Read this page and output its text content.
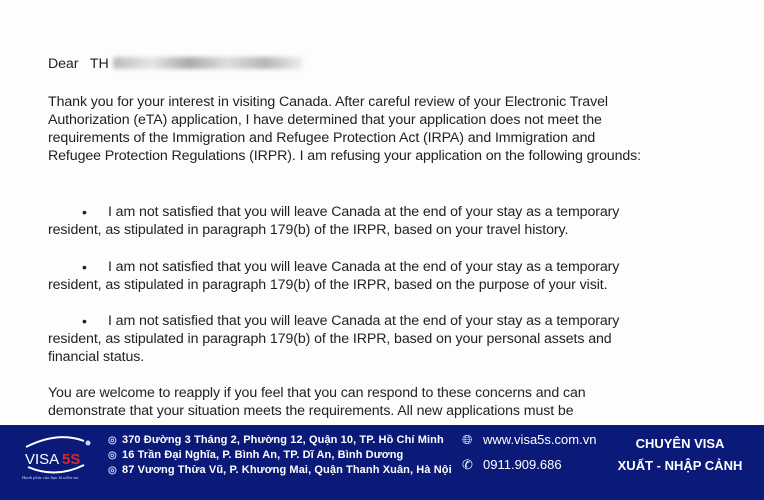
Dear TH
Thank you for your interest in visiting Canada. After careful review of your Electronic Travel
Authorization (eTA) application, I have determined that your application does not meet the
requirements of the Immigration and Refugee Protection Act (IRPA) and Immigration and
Refugee Protection Regulations (IRPR). I am refusing your application on the following grounds:
• I am not satisfied that you will leave Canada at the end of your stay as a temporary
resident, as stipulated in paragraph 179(b) of the IRPR, based on your travel history.
• I am not satisfied that you will leave Canada at the end of your stay as a temporary
resident, as stipulated in paragraph 179(b) of the IRPR, based on the purpose of your visit.
• I am not satisfied that you will leave Canada at the end of your stay as a temporary
resident, as stipulated in paragraph 179(b) of the IRPR, based on your personal assets and
financial status.
You are welcome to reapply if you feel that you can respond to these concerns and can
demonstrate that your situation meets the requirements. All new applications must be
VISA 5S
Hạnh phúc của bạn là niềm vui
◎ 370 Đường 3 Tháng 2, Phường 12, Quận 10, TP. Hồ Chí Minh
◎ 16 Trần Đại Nghĩa, P. Bình An, TP. Dĩ An, Bình Dương
◎ 87 Vương Thừa Vũ, P. Khương Mai, Quận Thanh Xuân, Hà Nội
🌐︎ www.visa5s.com.vn
✆ 0911.909.686
CHUYÊN VISA
XUẤT - NHẬP CẢNH
